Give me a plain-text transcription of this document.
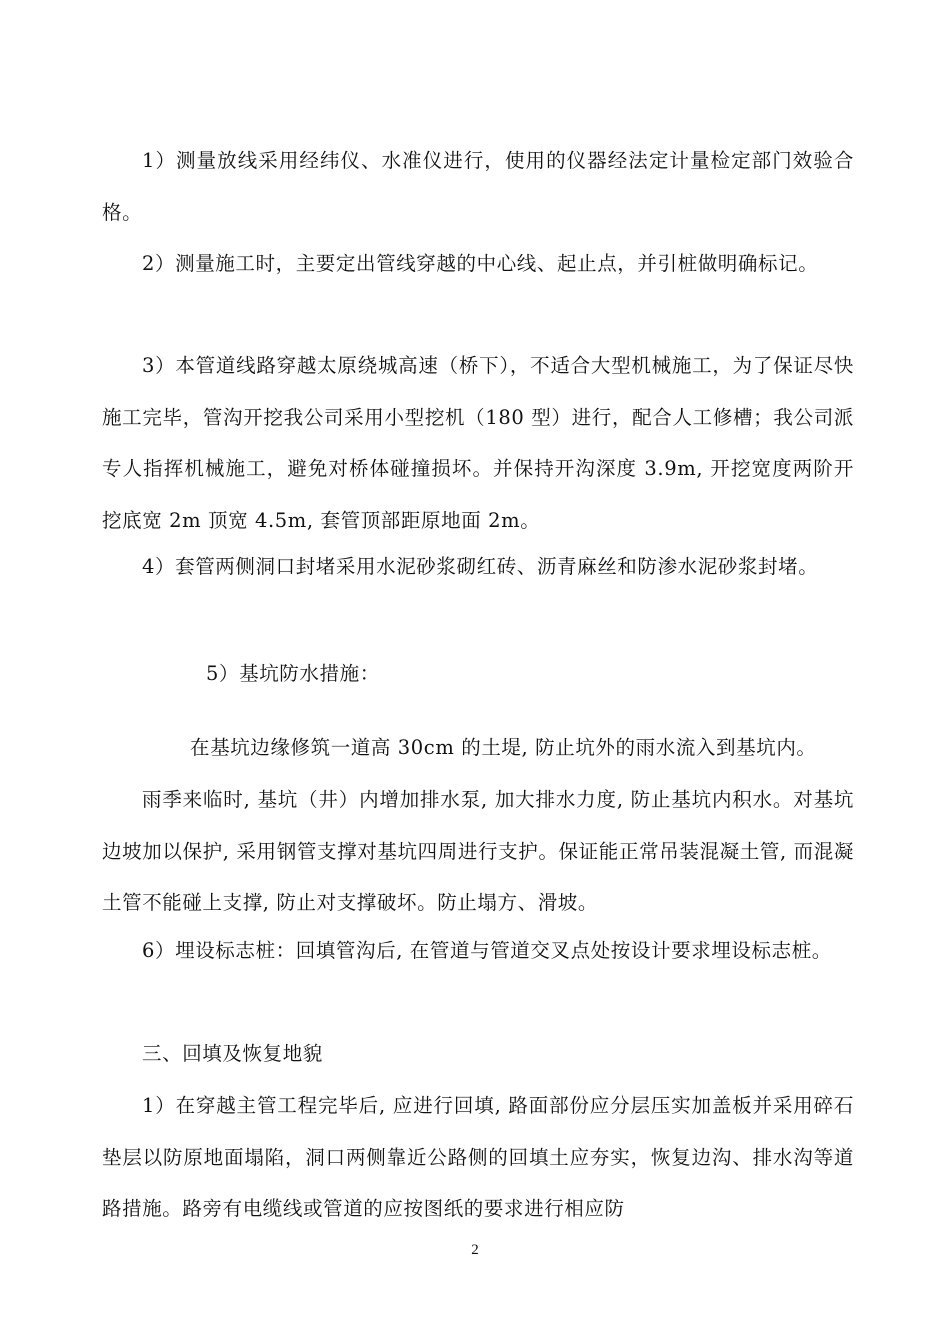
1）测量放线采用经纬仪、水准仪进行，使用的仪器经法定计量检定部门效验合格。

2）测量施工时，主要定出管线穿越的中心线、起止点，并引桩做明确标记。

3）本管道线路穿越太原绕城高速（桥下），不适合大型机械施工，为了保证尽快施工完毕，管沟开挖我公司采用小型挖机（180 型）进行，配合人工修槽；我公司派专人指挥机械施工，避免对桥体碰撞损坏。并保持开沟深度 3.9m, 开挖宽度两阶开挖底宽 2m 顶宽 4.5m, 套管顶部距原地面 2m。

4）套管两侧洞口封堵采用水泥砂浆砌红砖、沥青麻丝和防渗水泥砂浆封堵。

5）基坑防水措施：

在基坑边缘修筑一道高 30cm 的土堤, 防止坑外的雨水流入到基坑内。

雨季来临时, 基坑（井）内增加排水泵, 加大排水力度, 防止基坑内积水。对基坑边坡加以保护, 采用钢管支撑对基坑四周进行支护。保证能正常吊装混凝土管, 而混凝土管不能碰上支撑, 防止对支撑破坏。防止塌方、滑坡。

6）埋设标志桩：回填管沟后, 在管道与管道交叉点处按设计要求埋设标志桩。

三、回填及恢复地貌

1）在穿越主管工程完毕后, 应进行回填, 路面部份应分层压实加盖板并采用碎石垫层以防原地面塌陷，洞口两侧靠近公路侧的回填土应夯实，恢复边沟、排水沟等道路措施。路旁有电缆线或管道的应按图纸的要求进行相应防

2
